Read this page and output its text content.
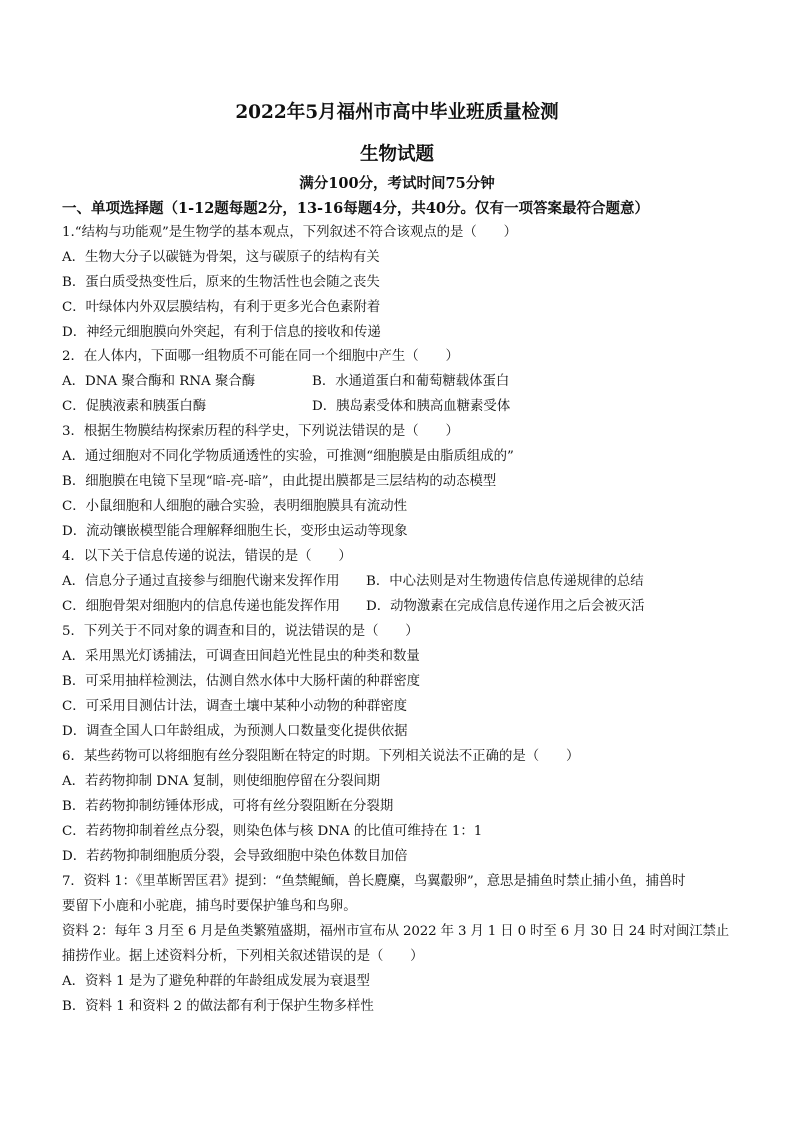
2022年5月福州市高中毕业班质量检测
生物试题
满分100分，考试时间75分钟
一、单项选择题（1-12题每题2分，13-16每题4分，共40分。仅有一项答案最符合题意）
1.“结构与功能观”是生物学的基本观点，下列叙述不符合该观点的是（　　）
A．生物大分子以碳链为骨架，这与碳原子的结构有关
B．蛋白质受热变性后，原来的生物活性也会随之丧失
C．叶绿体内外双层膜结构，有利于更多光合色素附着
D．神经元细胞膜向外突起，有利于信息的接收和传递
2．在人体内，下面哪一组物质不可能在同一个细胞中产生（　　）
A．DNA 聚合酶和 RNA 聚合酶	B．水通道蛋白和葡萄糖载体蛋白
C．促胰液素和胰蛋白酶	D．胰岛素受体和胰高血糖素受体
3．根据生物膜结构探索历程的科学史，下列说法错误的是（　　）
A．通过细胞对不同化学物质通透性的实验，可推测“细胞膜是由脂质组成的”
B．细胞膜在电镜下呈现“暗-亮-暗”，由此提出膜都是三层结构的动态模型
C．小鼠细胞和人细胞的融合实验，表明细胞膜具有流动性
D．流动镶嵌模型能合理解释细胞生长，变形虫运动等现象
4．以下关于信息传递的说法，错误的是（　　）
A．信息分子通过直接参与细胞代谢来发挥作用 B．中心法则是对生物遗传信息传递规律的总结
C．细胞骨架对细胞内的信息传递也能发挥作用 D．动物激素在完成信息传递作用之后会被灭活
5．下列关于不同对象的调查和目的，说法错误的是（　　）
A．采用黑光灯诱捕法，可调查田间趋光性昆虫的种类和数量
B．可采用抽样检测法，估测自然水体中大肠杆菌的种群密度
C．可采用目测估计法，调查土壤中某种小动物的种群密度
D．调查全国人口年龄组成，为预测人口数量变化提供依据
6．某些药物可以将细胞有丝分裂阻断在特定的时期。下列相关说法不正确的是（　　）
A．若药物抑制 DNA 复制，则使细胞停留在分裂间期
B．若药物抑制纺锤体形成，可将有丝分裂阻断在分裂期
C．若药物抑制着丝点分裂，则染色体与核 DNA 的比值可维持在 1：1
D．若药物抑制细胞质分裂，会导致细胞中染色体数目加倍
7．资料 1：《里革断罟匡君》提到：“鱼禁鲲鲕，兽长麑麇，鸟翼鷇卵”，意思是捕鱼时禁止捕小鱼，捕兽时
要留下小鹿和小驼鹿，捕鸟时要保护雏鸟和鸟卵。
资料 2：每年 3 月至 6 月是鱼类繁殖盛期，福州市宣布从 2022 年 3 月 1 日 0 时至 6 月 30 日 24 时对闽江禁止
捕捞作业。据上述资料分析，下列相关叙述错误的是（　　）
A．资料 1 是为了避免种群的年龄组成发展为衰退型
B．资料 1 和资料 2 的做法都有利于保护生物多样性
